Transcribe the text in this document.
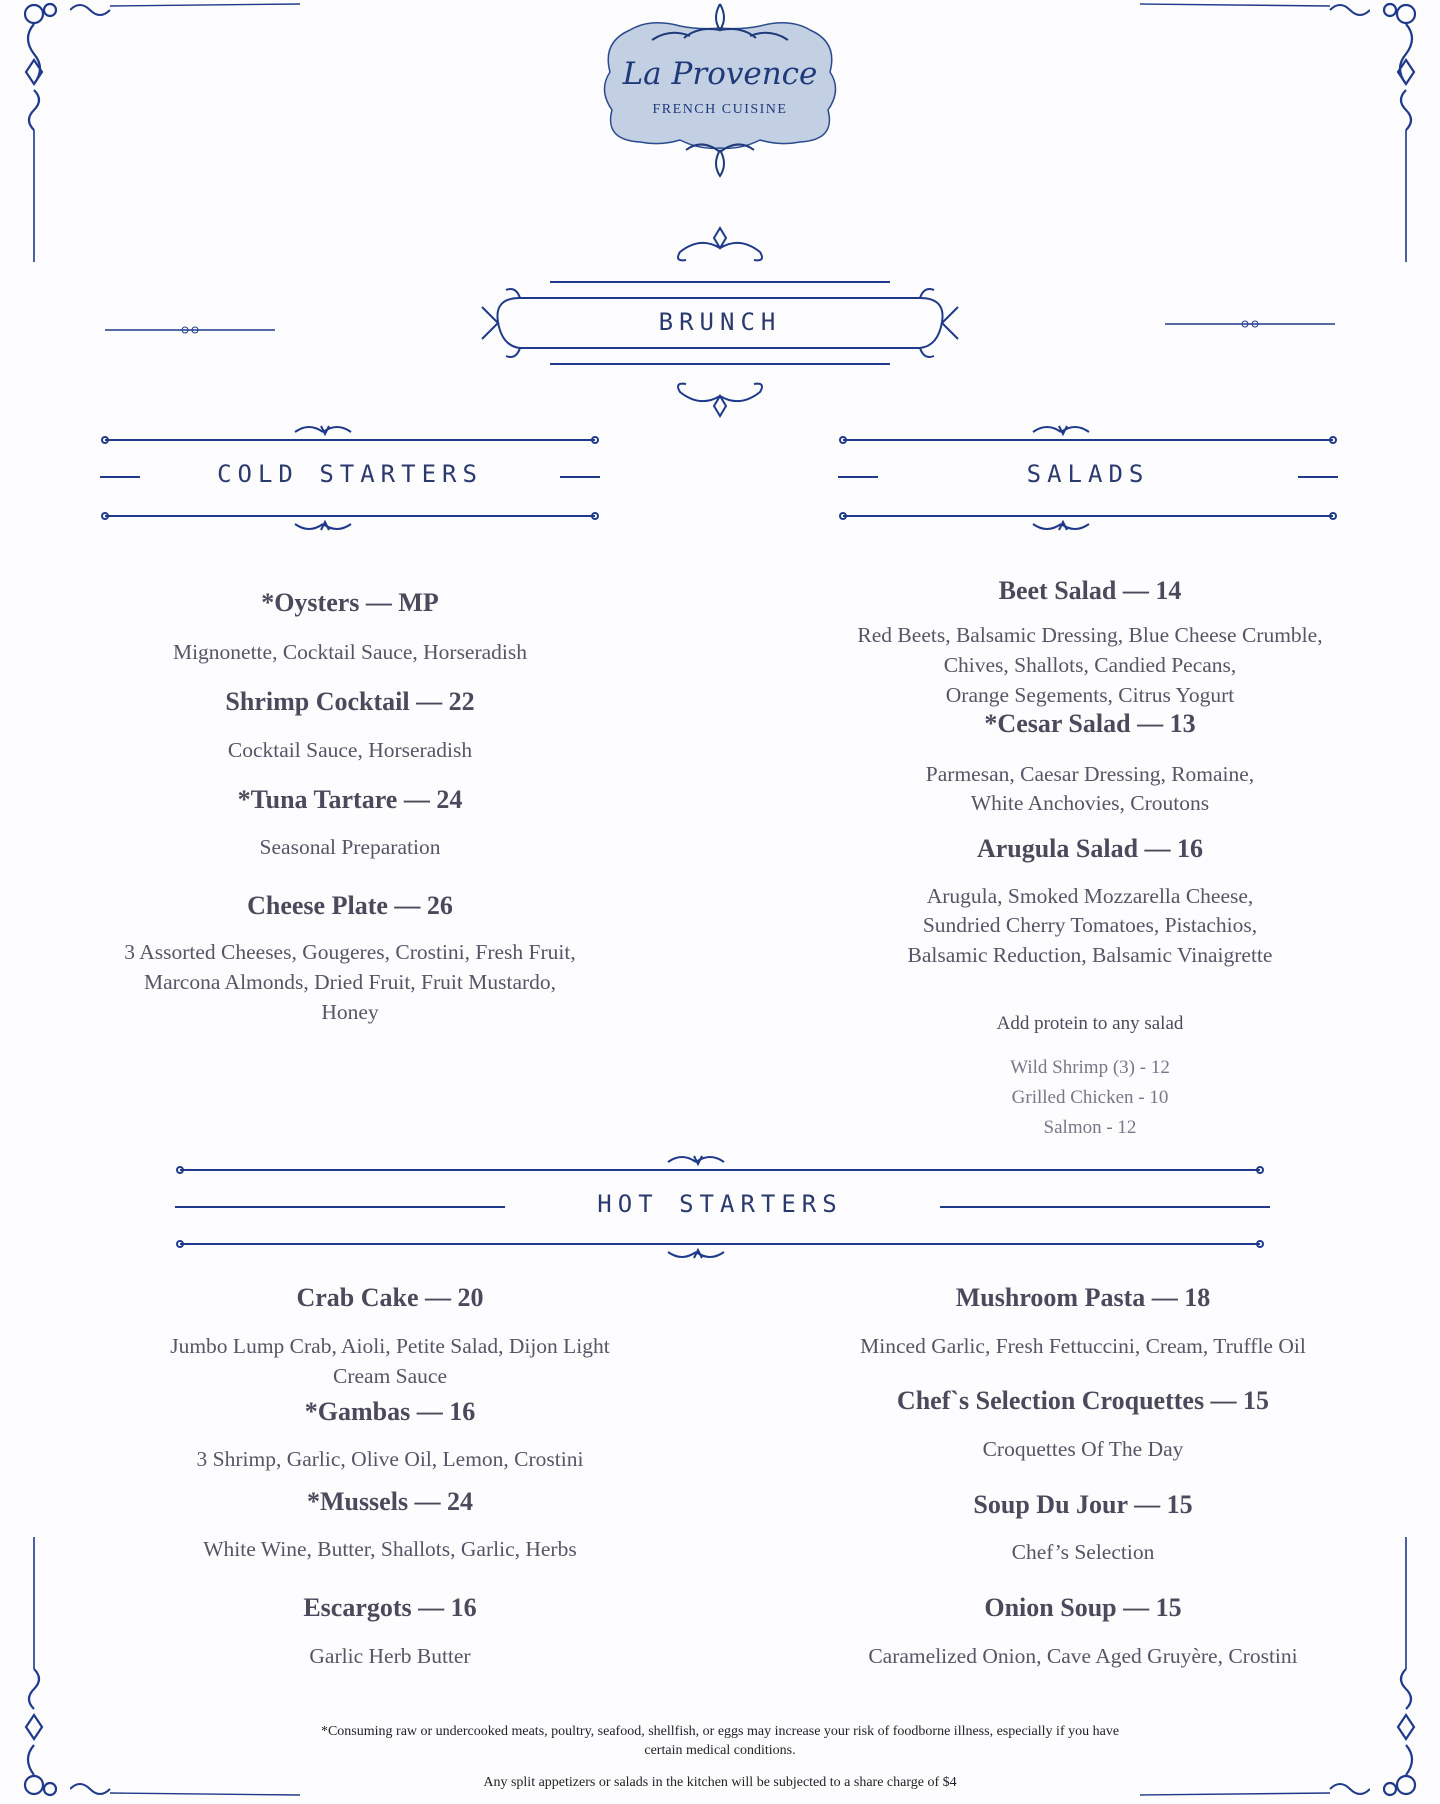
La Provence
FRENCH CUISINE
BRUNCH
COLD STARTERS	SALADS
*Oysters — MP
Mignonette, Cocktail Sauce, Horseradish
Shrimp Cocktail — 22
Cocktail Sauce, Horseradish
*Tuna Tartare — 24
Seasonal Preparation
Cheese Plate — 26
3 Assorted Cheeses, Gougeres, Crostini, Fresh Fruit,
Marcona Almonds, Dried Fruit, Fruit Mustardo,
Honey
Beet Salad — 14
Red Beets, Balsamic Dressing, Blue Cheese Crumble,
Chives, Shallots, Candied Pecans,
Orange Segements, Citrus Yogurt
*Cesar Salad — 13
Parmesan, Caesar Dressing, Romaine,
White Anchovies, Croutons
Arugula Salad — 16
Arugula, Smoked Mozzarella Cheese,
Sundried Cherry Tomatoes, Pistachios,
Balsamic Reduction, Balsamic Vinaigrette
Add protein to any salad
Wild Shrimp (3) - 12
Grilled Chicken - 10
Salmon - 12
HOT STARTERS
Crab Cake — 20
Jumbo Lump Crab, Aioli, Petite Salad, Dijon Light
Cream Sauce
*Gambas — 16
3 Shrimp, Garlic, Olive Oil, Lemon, Crostini
*Mussels — 24
White Wine, Butter, Shallots, Garlic, Herbs
Escargots — 16
Garlic Herb Butter
Mushroom Pasta — 18
Minced Garlic, Fresh Fettuccini, Cream, Truffle Oil
Chef`s Selection Croquettes — 15
Croquettes Of The Day
Soup Du Jour — 15
Chef’s Selection
Onion Soup — 15
Caramelized Onion, Cave Aged Gruyère, Crostini
*Consuming raw or undercooked meats, poultry, seafood, shellfish, or eggs may increase your risk of foodborne illness, especially if you have
certain medical conditions.
Any split appetizers or salads in the kitchen will be subjected to a share charge of $4
